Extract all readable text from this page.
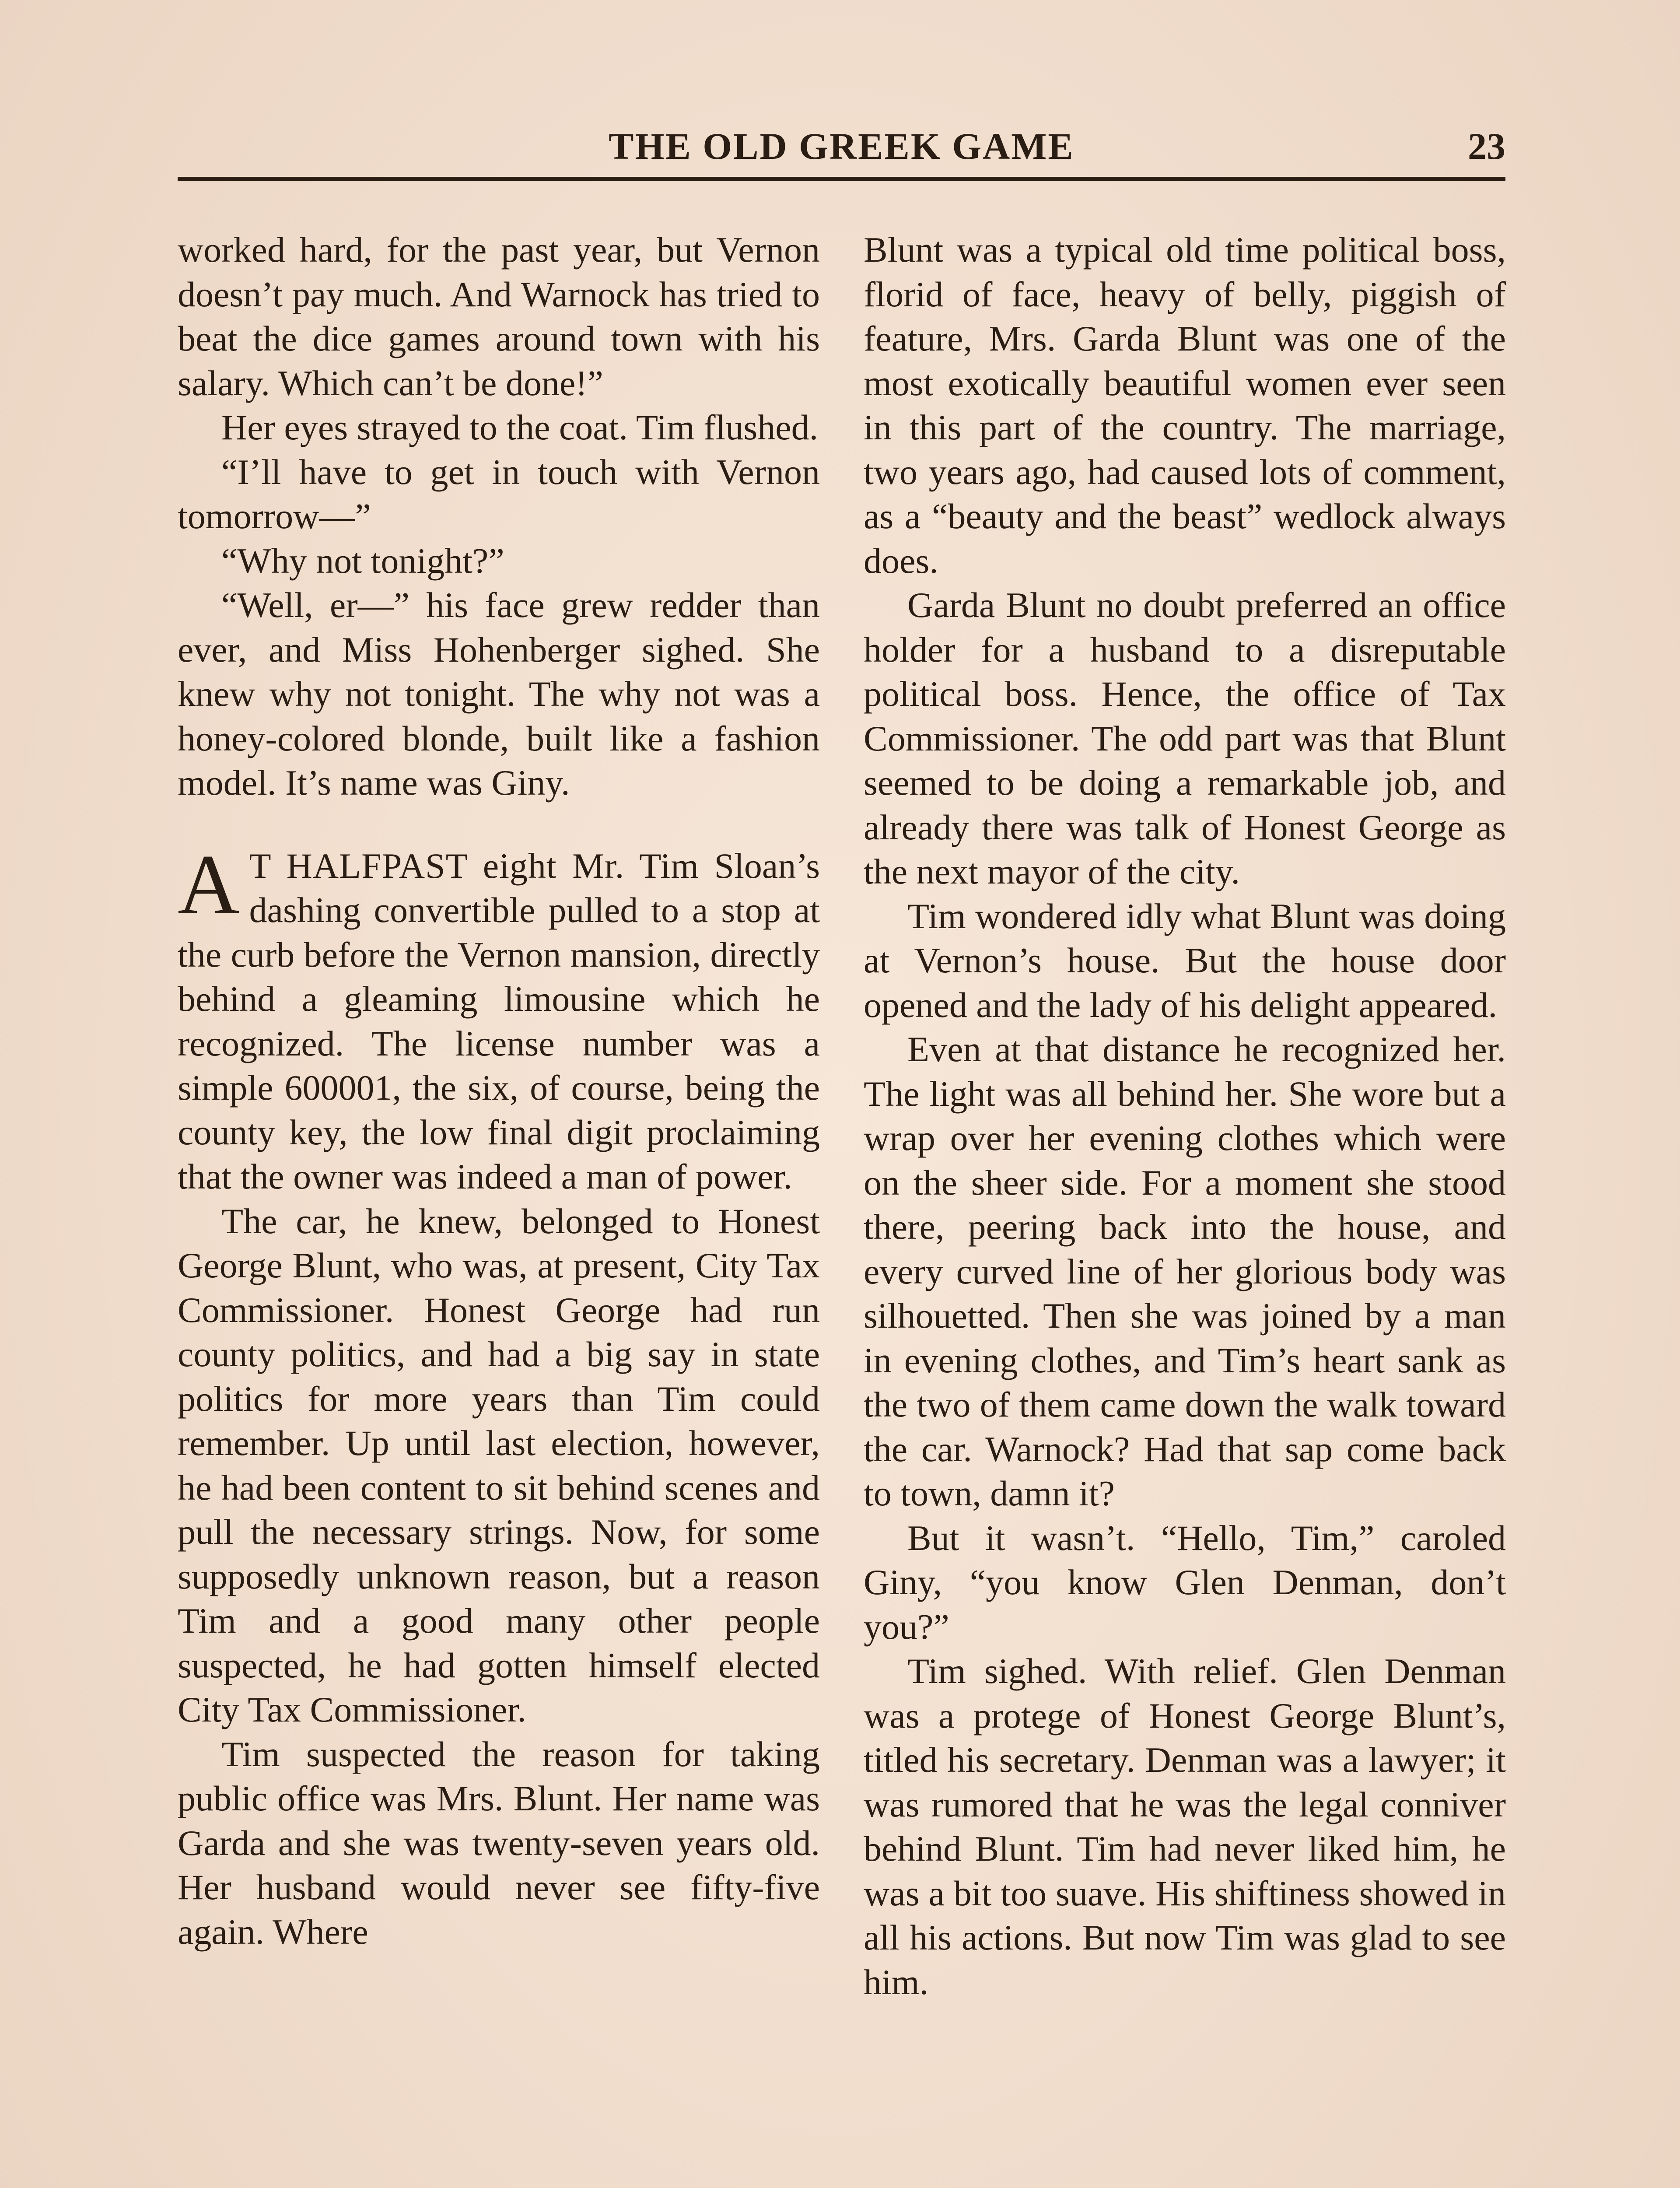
THE OLD GREEK GAME	23

worked hard, for the past year, but Vernon doesn’t pay much. And Warnock has tried to beat the dice games around town with his salary. Which can’t be done!”

Her eyes strayed to the coat. Tim flushed.

“I’ll have to get in touch with Vernon tomorrow—”

“Why not tonight?”

“Well, er—” his face grew redder than ever, and Miss Hohenberger sighed. She knew why not tonight. The why not was a honey-colored blonde, built like a fashion model. It’s name was Giny.

A T HALFPAST eight Mr. Tim Sloan’s dashing convertible pulled to a stop at the curb before the Vernon mansion, directly behind a gleaming limousine which he recognized. The license number was a simple 600001, the six, of course, being the county key, the low final digit proclaiming that the owner was indeed a man of power.

The car, he knew, belonged to Honest George Blunt, who was, at present, City Tax Commissioner. Honest George had run county politics, and had a big say in state politics for more years than Tim could remember. Up until last election, however, he had been content to sit behind scenes and pull the necessary strings. Now, for some supposedly unknown reason, but a reason Tim and a good many other people suspected, he had gotten himself elected City Tax Commissioner.

Tim suspected the reason for taking public office was Mrs. Blunt. Her name was Garda and she was twenty-seven years old. Her husband would never see fifty-five again. Where

Blunt was a typical old time political boss, florid of face, heavy of belly, piggish of feature, Mrs. Garda Blunt was one of the most exotically beautiful women ever seen in this part of the country. The marriage, two years ago, had caused lots of comment, as a “beauty and the beast” wedlock always does.

Garda Blunt no doubt preferred an office holder for a husband to a disreputable political boss. Hence, the office of Tax Commissioner. The odd part was that Blunt seemed to be doing a remarkable job, and already there was talk of Honest George as the next mayor of the city.

Tim wondered idly what Blunt was doing at Vernon’s house. But the house door opened and the lady of his delight appeared.

Even at that distance he recognized her. The light was all behind her. She wore but a wrap over her evening clothes which were on the sheer side. For a moment she stood there, peering back into the house, and every curved line of her glorious body was silhouetted. Then she was joined by a man in evening clothes, and Tim’s heart sank as the two of them came down the walk toward the car. Warnock? Had that sap come back to town, damn it?

But it wasn’t. “Hello, Tim,” caroled Giny, “you know Glen Denman, don’t you?”

Tim sighed. With relief. Glen Denman was a protege of Honest George Blunt’s, titled his secretary. Denman was a lawyer; it was rumored that he was the legal conniver behind Blunt. Tim had never liked him, he was a bit too suave. His shiftiness showed in all his actions. But now Tim was glad to see him.
